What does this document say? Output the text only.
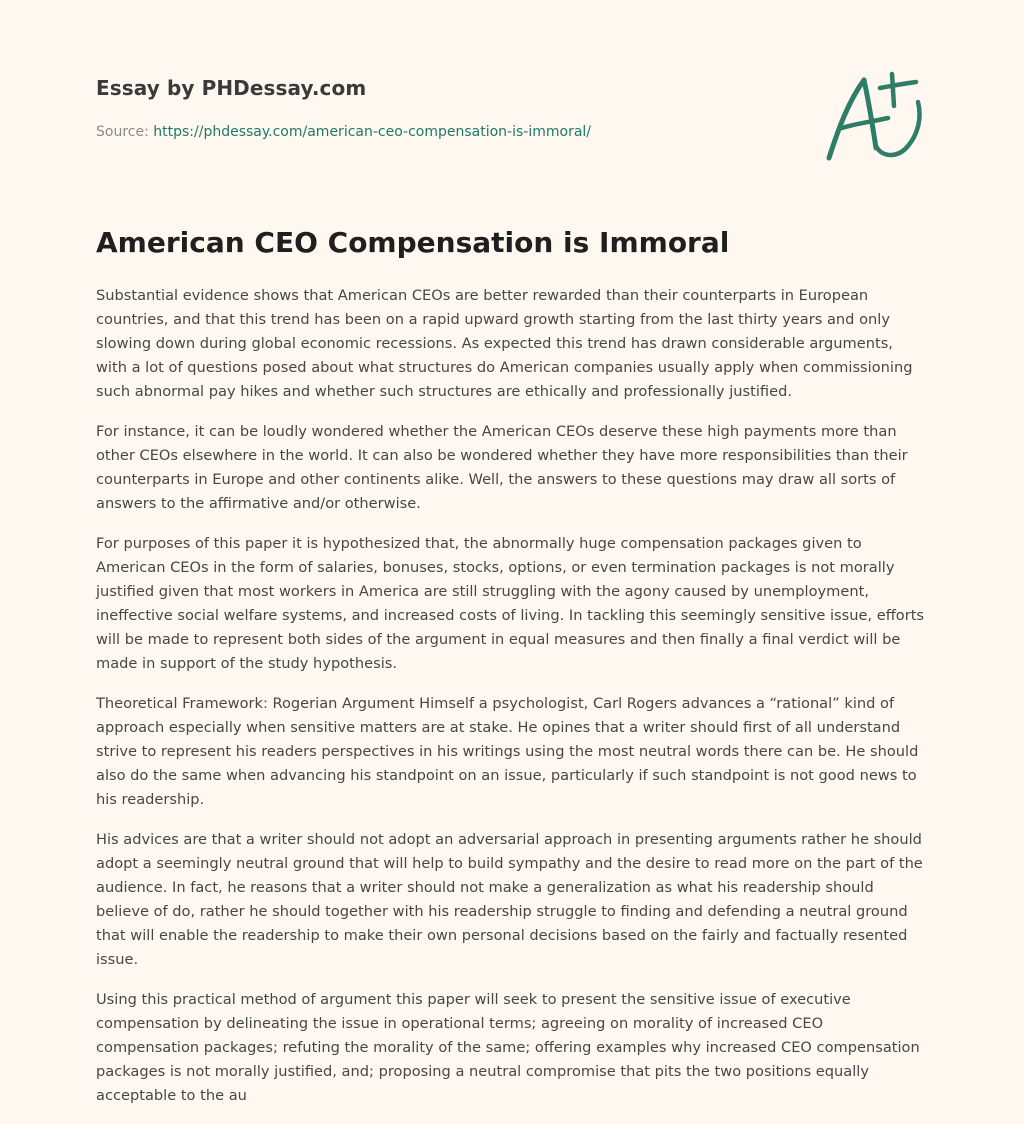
Essay by PHDessay.com
Source: https://phdessay.com/american-ceo-compensation-is-immoral/
American CEO Compensation is Immoral

Substantial evidence shows that American CEOs are better rewarded than their counterparts in European countries, and that this trend has been on a rapid upward growth starting from the last thirty years and only slowing down during global economic recessions. As expected this trend has drawn considerable arguments, with a lot of questions posed about what structures do American companies usually apply when commissioning such abnormal pay hikes and whether such structures are ethically and professionally justified.

For instance, it can be loudly wondered whether the American CEOs deserve these high payments more than other CEOs elsewhere in the world. It can also be wondered whether they have more responsibilities than their counterparts in Europe and other continents alike. Well, the answers to these questions may draw all sorts of answers to the affirmative and/or otherwise.

For purposes of this paper it is hypothesized that, the abnormally huge compensation packages given to American CEOs in the form of salaries, bonuses, stocks, options, or even termination packages is not morally justified given that most workers in America are still struggling with the agony caused by unemployment, ineffective social welfare systems, and increased costs of living. In tackling this seemingly sensitive issue, efforts will be made to represent both sides of the argument in equal measures and then finally a final verdict will be made in support of the study hypothesis.

Theoretical Framework: Rogerian Argument Himself a psychologist, Carl Rogers advances a “rational” kind of approach especially when sensitive matters are at stake. He opines that a writer should first of all understand strive to represent his readers perspectives in his writings using the most neutral words there can be. He should also do the same when advancing his standpoint on an issue, particularly if such standpoint is not good news to his readership.

His advices are that a writer should not adopt an adversarial approach in presenting arguments rather he should adopt a seemingly neutral ground that will help to build sympathy and the desire to read more on the part of the audience. In fact, he reasons that a writer should not make a generalization as what his readership should believe of do, rather he should together with his readership struggle to finding and defending a neutral ground that will enable the readership to make their own personal decisions based on the fairly and factually resented issue.

Using this practical method of argument this paper will seek to present the sensitive issue of executive compensation by delineating the issue in operational terms; agreeing on morality of increased CEO compensation packages; refuting the morality of the same; offering examples why increased CEO compensation packages is not morally justified, and; proposing a neutral compromise that pits the two positions equally acceptable to the au
